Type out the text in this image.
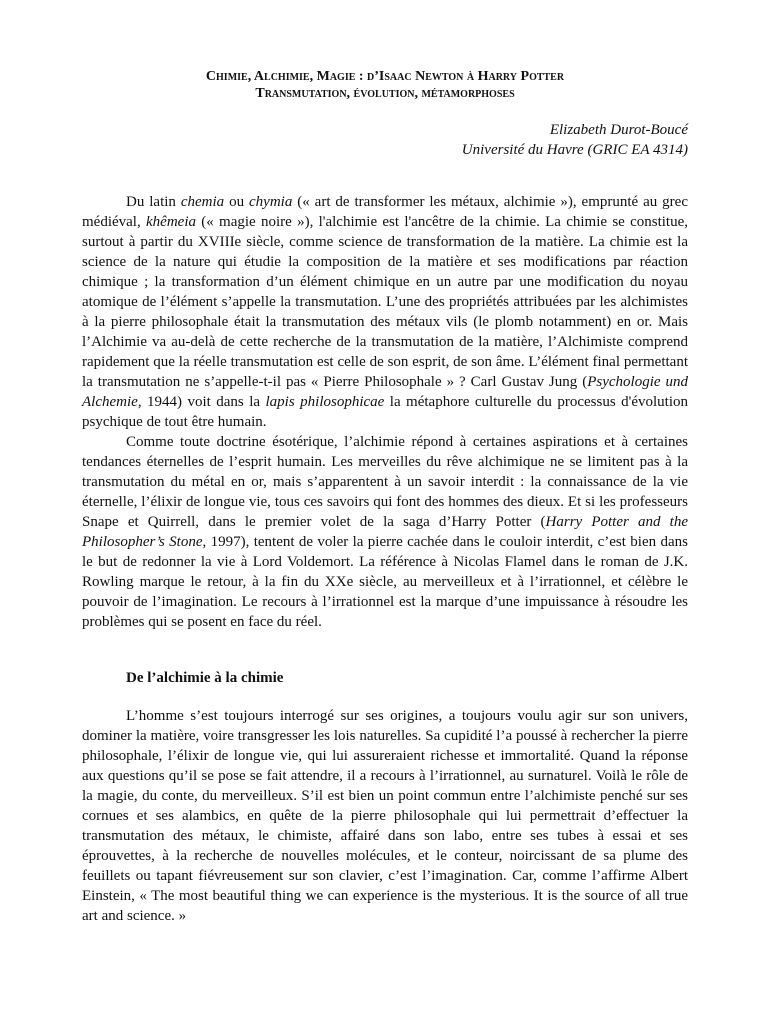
Chimie, Alchimie, Magie : d’Isaac Newton à Harry Potter
Transmutation, évolution, métamorphoses
Elizabeth Durot-Boucé
Université du Havre (GRIC EA 4314)

Du latin chemia ou chymia (« art de transformer les métaux, alchimie »), emprunté au grec médiéval, khêmeia (« magie noire »), l'alchimie est l'ancêtre de la chimie. La chimie se constitue, surtout à partir du XVIIIe siècle, comme science de transformation de la matière. La chimie est la science de la nature qui étudie la composition de la matière et ses modifications par réaction chimique ; la transformation d’un élément chimique en un autre par une modification du noyau atomique de l’élément s’appelle la transmutation. L’une des propriétés attribuées par les alchimistes à la pierre philosophale était la transmutation des métaux vils (le plomb notamment) en or. Mais l’Alchimie va au-delà de cette recherche de la transmutation de la matière, l’Alchimiste comprend rapidement que la réelle transmutation est celle de son esprit, de son âme. L’élément final permettant la transmutation ne s’appelle-t-il pas « Pierre Philosophale » ? Carl Gustav Jung (Psychologie und Alchemie, 1944) voit dans la lapis philosophicae la métaphore culturelle du processus d'évolution psychique de tout être humain.

Comme toute doctrine ésotérique, l’alchimie répond à certaines aspirations et à certaines tendances éternelles de l’esprit humain. Les merveilles du rêve alchimique ne se limitent pas à la transmutation du métal en or, mais s’apparentent à un savoir interdit : la connaissance de la vie éternelle, l’élixir de longue vie, tous ces savoirs qui font des hommes des dieux. Et si les professeurs Snape et Quirrell, dans le premier volet de la saga d’Harry Potter (Harry Potter and the Philosopher’s Stone, 1997), tentent de voler la pierre cachée dans le couloir interdit, c’est bien dans le but de redonner la vie à Lord Voldemort. La référence à Nicolas Flamel dans le roman de J.K. Rowling marque le retour, à la fin du XXe siècle, au merveilleux et à l’irrationnel, et célèbre le pouvoir de l’imagination. Le recours à l’irrationnel est la marque d’une impuissance à résoudre les problèmes qui se posent en face du réel.

De l’alchimie à la chimie

L’homme s’est toujours interrogé sur ses origines, a toujours voulu agir sur son univers, dominer la matière, voire transgresser les lois naturelles. Sa cupidité l’a poussé à rechercher la pierre philosophale, l’élixir de longue vie, qui lui assureraient richesse et immortalité. Quand la réponse aux questions qu’il se pose se fait attendre, il a recours à l’irrationnel, au surnaturel. Voilà le rôle de la magie, du conte, du merveilleux. S’il est bien un point commun entre l’alchimiste penché sur ses cornues et ses alambics, en quête de la pierre philosophale qui lui permettrait d’effectuer la transmutation des métaux, le chimiste, affairé dans son labo, entre ses tubes à essai et ses éprouvettes, à la recherche de nouvelles molécules, et le conteur, noircissant de sa plume des feuillets ou tapant fiévreusement sur son clavier, c’est l’imagination. Car, comme l’affirme Albert Einstein, « The most beautiful thing we can experience is the mysterious. It is the source of all true art and science. »
